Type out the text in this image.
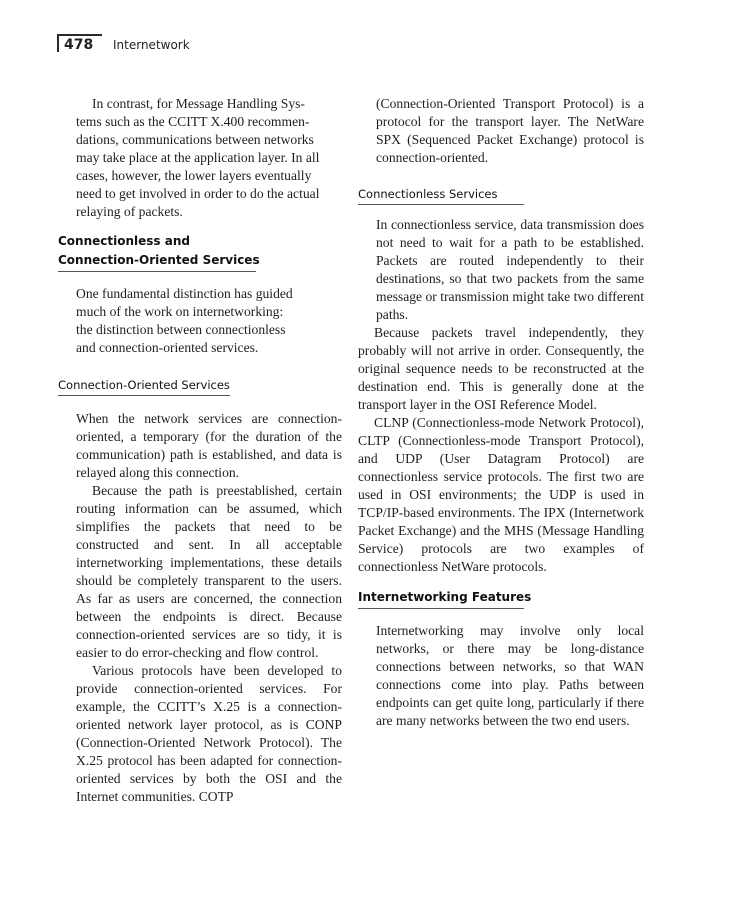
478 Internetwork
In contrast, for Message Handling Sys-
tems such as the CCITT X.400 recommen-
dations, communications between networks
may take place at the application layer. In all
cases, however, the lower layers eventually
need to get involved in order to do the actual
relaying of packets.
Connectionless and
Connection-Oriented Services
One fundamental distinction has guided
much of the work on internetworking:
the distinction between connectionless
and connection-oriented services.
Connection-Oriented Services

When the network services are connection-oriented, a temporary (for the duration of the communication) path is established, and data is relayed along this connection.

Because the path is preestablished, certain routing information can be assumed, which simplifies the packets that need to be constructed and sent. In all acceptable internetworking implementations, these details should be completely transparent to the users. As far as users are concerned, the connection between the endpoints is direct. Because connection-oriented services are so tidy, it is easier to do error-checking and flow control.

Various protocols have been developed to provide connection-oriented services. For example, the CCITT’s X.25 is a connection-oriented network layer protocol, as is CONP (Connection-Oriented Network Protocol). The X.25 protocol has been adapted for connection-oriented services by both the OSI and the Internet communities. COTP

(Connection-Oriented Transport Protocol) is a protocol for the transport layer. The NetWare SPX (Sequenced Packet Exchange) protocol is connection-oriented.

Connectionless Services

In connectionless service, data transmission does not need to wait for a path to be established. Packets are routed independently to their destinations, so that two packets from the same message or transmission might take two different paths.

Because packets travel independently, they probably will not arrive in order. Consequently, the original sequence needs to be reconstructed at the destination end. This is generally done at the transport layer in the OSI Reference Model.

CLNP (Connectionless-mode Network Protocol), CLTP (Connectionless-mode Transport Protocol), and UDP (User Datagram Protocol) are connectionless service protocols. The first two are used in OSI environments; the UDP is used in TCP/IP-based environments. The IPX (Internetwork Packet Exchange) and the MHS (Message Handling Service) protocols are two examples of connectionless NetWare protocols.

Internetworking Features

Internetworking may involve only local networks, or there may be long-distance connections between networks, so that WAN connections come into play. Paths between endpoints can get quite long, particularly if there are many networks between the two end users.
